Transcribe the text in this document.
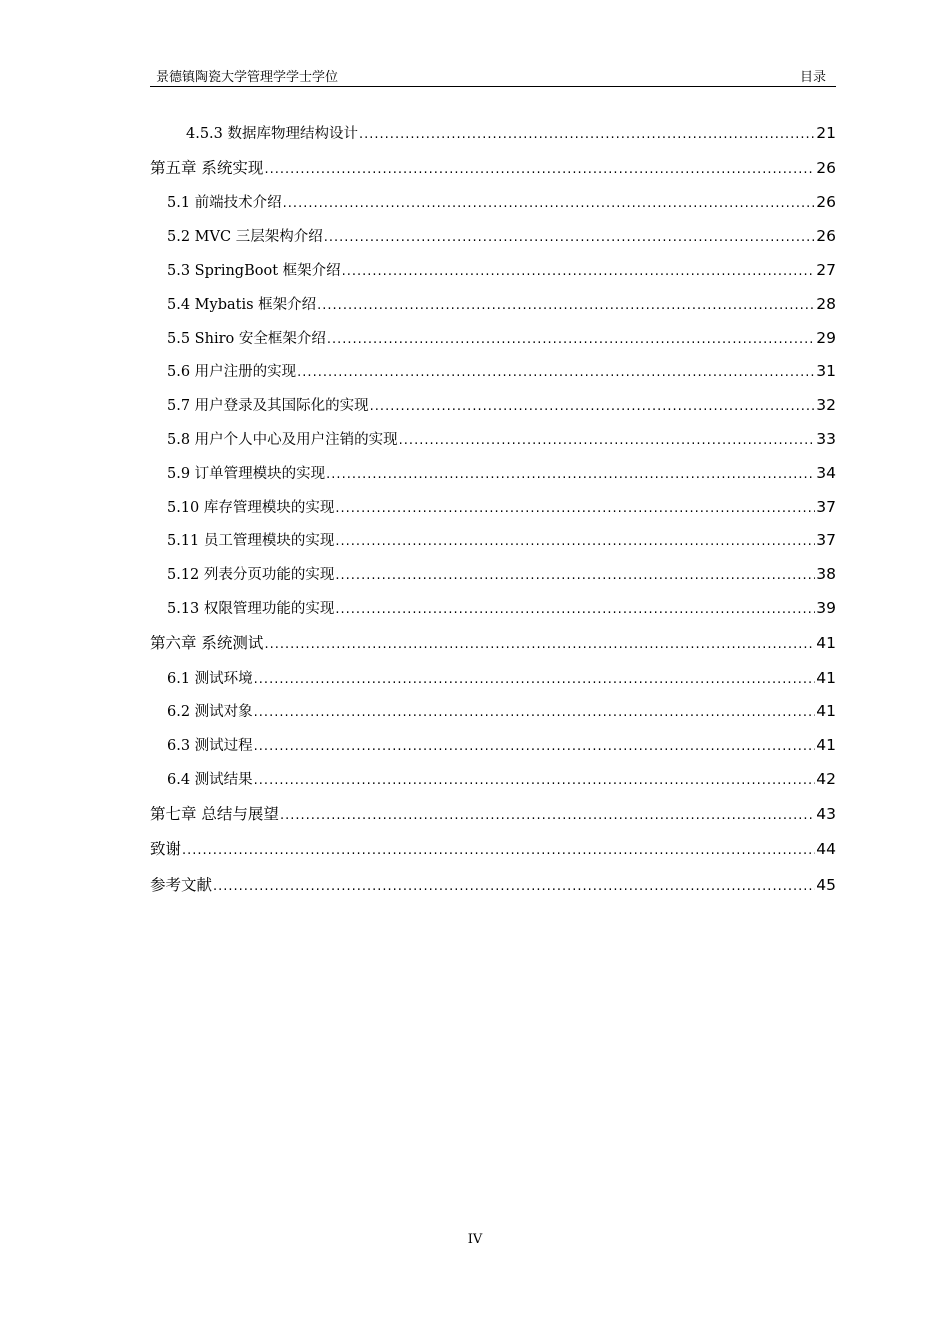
景德镇陶瓷大学管理学学士学位	目录
4.5.3 数据库物理结构设计 .....	21
第五章 系统实现 .....	26
5.1 前端技术介绍 .....	26
5.2 MVC 三层架构介绍 .....	26
5.3 SpringBoot 框架介绍 .....	27
5.4 Mybatis 框架介绍 .....	28
5.5 Shiro 安全框架介绍 .....	29
5.6 用户注册的实现 .....	31
5.7 用户登录及其国际化的实现 .....	32
5.8 用户个人中心及用户注销的实现 .....	33
5.9 订单管理模块的实现 .....	34
5.10 库存管理模块的实现 .....	37
5.11 员工管理模块的实现 .....	37
5.12 列表分页功能的实现 .....	38
5.13 权限管理功能的实现 .....	39
第六章 系统测试 .....	41
6.1 测试环境 .....	41
6.2 测试对象 .....	41
6.3 测试过程 .....	41
6.4 测试结果 .....	42
第七章 总结与展望 .....	43
致谢 .....	44
参考文献 .....	45
IV
